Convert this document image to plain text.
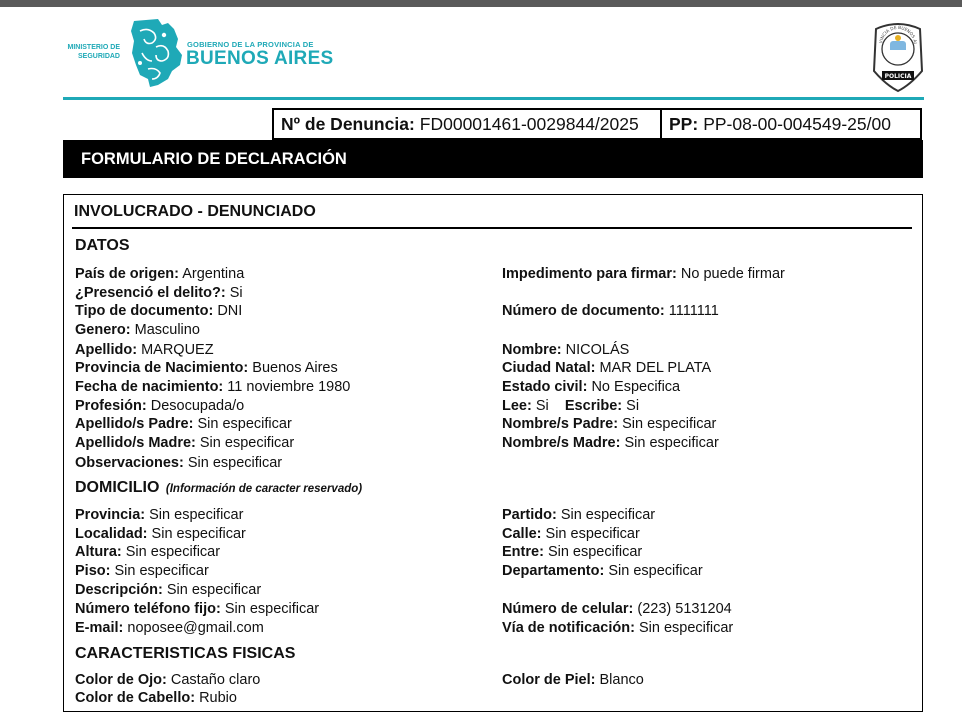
MINISTERIO DE
SEGURIDAD
GOBIERNO DE LA PROVINCIA DE
BUENOS AIRES
VINCIA DE BUENOS AI
POLICIA
Nº de Denuncia: FD00001461-0029844/2025 PP: PP-08-00-004549-25/00
FORMULARIO DE DECLARACIÓN
INVOLUCRADO - DENUNCIADO
DATOS
País de origen: Argentina
¿Presenció el delito?: Si
Tipo de documento: DNI
Genero: Masculino
Apellido: MARQUEZ
Provincia de Nacimiento: Buenos Aires
Fecha de nacimiento: 11 noviembre 1980
Profesión: Desocupada/o
Apellido/s Padre: Sin especificar
Apellido/s Madre: Sin especificar
Observaciones: Sin especificar
Impedimento para firmar: No puede firmar
Número de documento: 1111111
Nombre: NICOLÁS
Ciudad Natal: MAR DEL PLATA
Estado civil: No Especifica
Lee: Si Escribe: Si
Nombre/s Padre: Sin especificar
Nombre/s Madre: Sin especificar
DOMICILIO (Información de caracter reservado)
Provincia: Sin especificar
Localidad: Sin especificar
Altura: Sin especificar
Piso: Sin especificar
Descripción: Sin especificar
Número teléfono fijo: Sin especificar
E-mail: noposee@gmail.com
Partido: Sin especificar
Calle: Sin especificar
Entre: Sin especificar
Departamento: Sin especificar
Número de celular: (223) 5131204
Vía de notificación: Sin especificar
CARACTERISTICAS FISICAS
Color de Ojo: Castaño claro
Color de Cabello: Rubio
Color de Piel: Blanco
